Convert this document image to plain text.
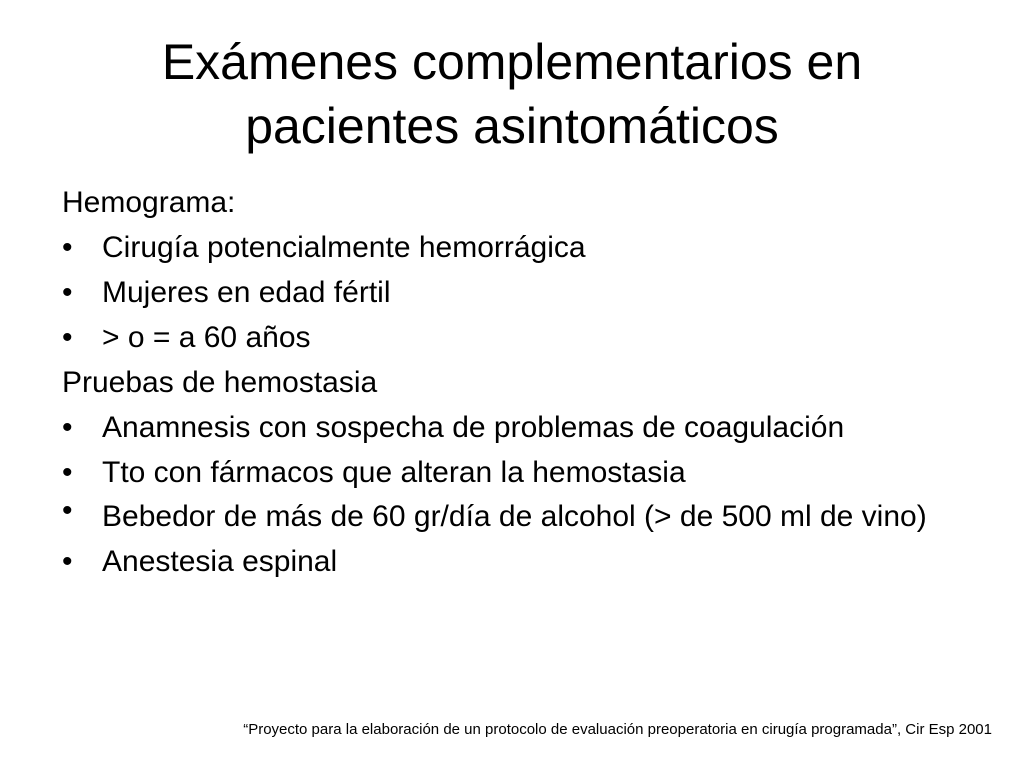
Exámenes complementarios en
pacientes asintomáticos
Hemograma:
• Cirugía potencialmente hemorrágica
• Mujeres en edad fértil
• > o = a 60 años
Pruebas de hemostasia
• Anamnesis con sospecha de problemas de coagulación
• Tto con fármacos que alteran la hemostasia
• Bebedor de más de 60 gr/día de alcohol (> de 500 ml de vino)
• Anestesia espinal
“Proyecto para la elaboración de un protocolo de evaluación preoperatoria en cirugía programada”, Cir Esp 2001
